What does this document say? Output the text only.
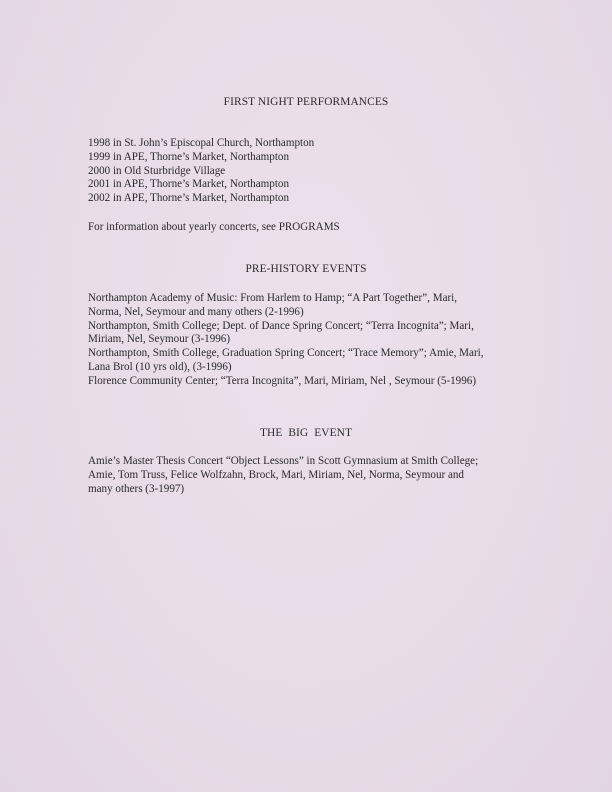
FIRST NIGHT PERFORMANCES
1998 in St. John’s Episcopal Church, Northampton
1999 in APE, Thorne’s Market, Northampton
2000 in Old Sturbridge Village
2001 in APE, Thorne’s Market, Northampton
2002 in APE, Thorne’s Market, Northampton
For information about yearly concerts, see PROGRAMS
PRE-HISTORY EVENTS
Northampton Academy of Music: From Harlem to Hamp; “A Part Together”, Mari,
Norma, Nel, Seymour and many others (2-1996)
Northampton, Smith College; Dept. of Dance Spring Concert; “Terra Incognita”; Mari,
Miriam, Nel, Seymour (3-1996)
Northampton, Smith College, Graduation Spring Concert; “Trace Memory”; Amie, Mari,
Lana Brol (10 yrs old), (3-1996)
Florence Community Center; “Terra Incognita”, Mari, Miriam, Nel , Seymour (5-1996)
THE BIG EVENT
Amie’s Master Thesis Concert “Object Lessons” in Scott Gymnasium at Smith College;
Amie, Tom Truss, Felice Wolfzahn, Brock, Mari, Miriam, Nel, Norma, Seymour and
many others (3-1997)
